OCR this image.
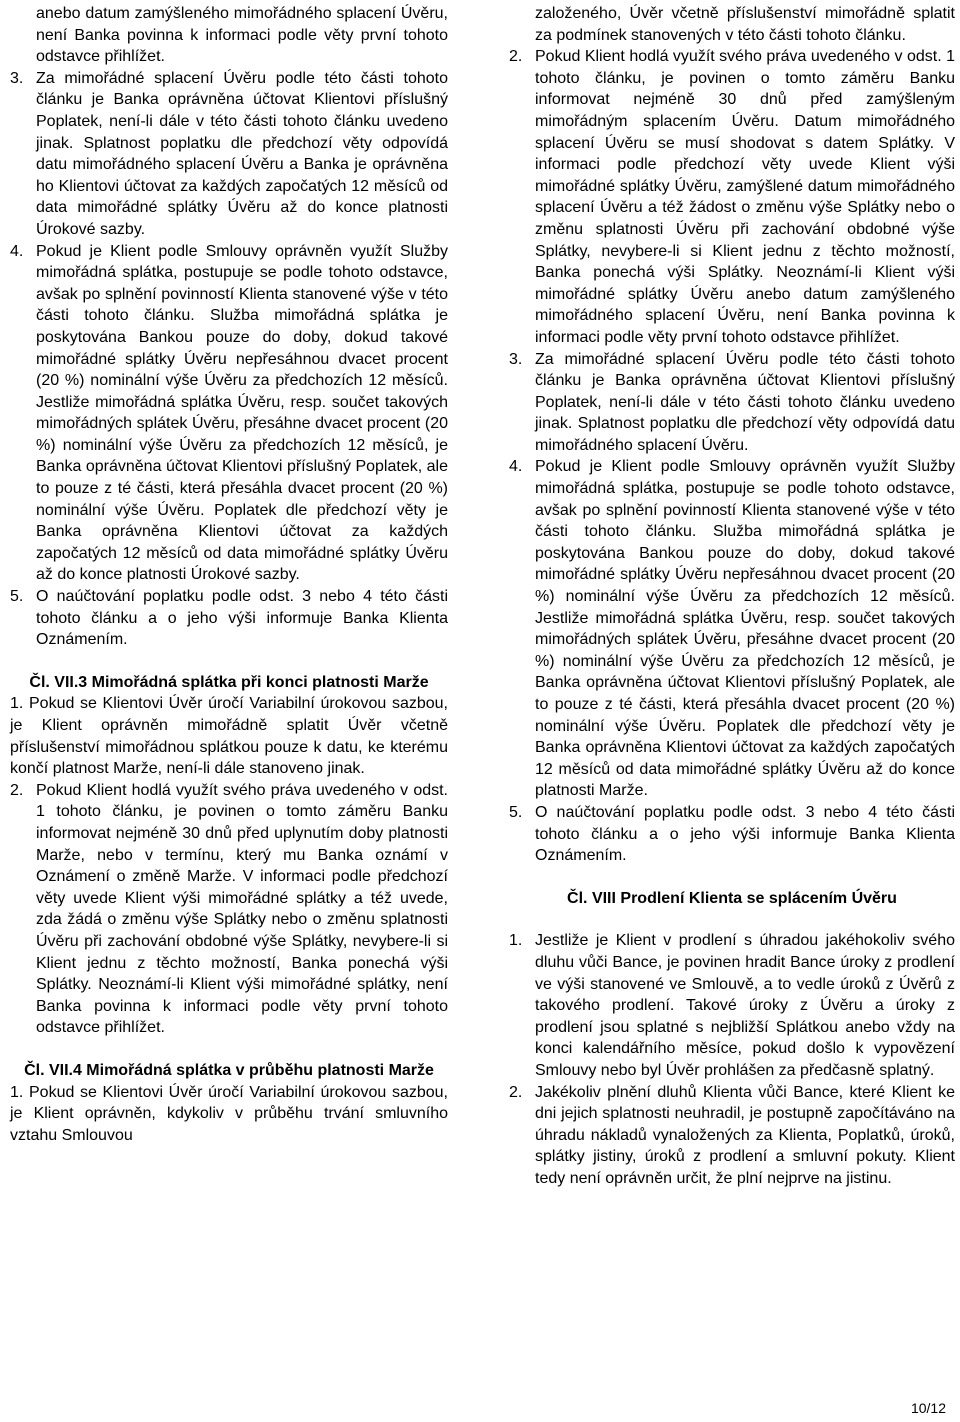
anebo datum zamýšleného mimořádného splacení Úvěru, není Banka povinna k informaci podle věty první tohoto odstavce přihlížet.
3. Za mimořádné splacení Úvěru podle této části tohoto článku je Banka oprávněna účtovat Klientovi příslušný Poplatek, není-li dále v této části tohoto článku uvedeno jinak. Splatnost poplatku dle předchozí věty odpovídá datu mimořádného splacení Úvěru a Banka je oprávněna ho Klientovi účtovat za každých započatých 12 měsíců od data mimořádné splátky Úvěru až do konce platnosti Úrokové sazby.
4. Pokud je Klient podle Smlouvy oprávněn využít Služby mimořádná splátka, postupuje se podle tohoto odstavce, avšak po splnění povinností Klienta stanovené výše v této části tohoto článku. Služba mimořádná splátka je poskytována Bankou pouze do doby, dokud takové mimořádné splátky Úvěru nepřesáhnou dvacet procent (20 %) nominální výše Úvěru za předchozích 12 měsíců. Jestliže mimořádná splátka Úvěru, resp. součet takových mimořádných splátek Úvěru, přesáhne dvacet procent (20 %) nominální výše Úvěru za předchozích 12 měsíců, je Banka oprávněna účtovat Klientovi příslušný Poplatek, ale to pouze z té části, která přesáhla dvacet procent (20 %) nominální výše Úvěru. Poplatek dle předchozí věty je Banka oprávněna Klientovi účtovat za každých započatých 12 měsíců od data mimořádné splátky Úvěru až do konce platnosti Úrokové sazby.
5. O naúčtování poplatku podle odst. 3 nebo 4 této části tohoto článku a o jeho výši informuje Banka Klienta Oznámením.
Čl. VII.3 Mimořádná splátka při konci platnosti Marže
1. Pokud se Klientovi Úvěr úročí Variabilní úrokovou sazbou, je Klient oprávněn mimořádně splatit Úvěr včetně příslušenství mimořádnou splátkou pouze k datu, ke kterému končí platnost Marže, není-li dále stanoveno jinak.
2. Pokud Klient hodlá využít svého práva uvedeného v odst. 1 tohoto článku, je povinen o tomto záměru Banku informovat nejméně 30 dnů před uplynutím doby platnosti Marže, nebo v termínu, který mu Banka oznámí v Oznámení o změně Marže. V informaci podle předchozí věty uvede Klient výši mimořádné splátky a též uvede, zda žádá o změnu výše Splátky nebo o změnu splatnosti Úvěru při zachování obdobné výše Splátky, nevybere-li si Klient jednu z těchto možností, Banka ponechá výši Splátky. Neoznámí-li Klient výši mimořádné splátky, není Banka povinna k informaci podle věty první tohoto odstavce přihlížet.
Čl. VII.4 Mimořádná splátka v průběhu platnosti Marže
1. Pokud se Klientovi Úvěr úročí Variabilní úrokovou sazbou, je Klient oprávněn, kdykoliv v průběhu trvání smluvního vztahu Smlouvou
založeného, Úvěr včetně příslušenství mimořádně splatit za podmínek stanovených v této části tohoto článku.
2. Pokud Klient hodlá využít svého práva uvedeného v odst. 1 tohoto článku, je povinen o tomto záměru Banku informovat nejméně 30 dnů před zamýšleným mimořádným splacením Úvěru. Datum mimořádného splacení Úvěru se musí shodovat s datem Splátky. V informaci podle předchozí věty uvede Klient výši mimořádné splátky Úvěru, zamýšlené datum mimořádného splacení Úvěru a též žádost o změnu výše Splátky nebo o změnu splatnosti Úvěru při zachování obdobné výše Splátky, nevybere-li si Klient jednu z těchto možností, Banka ponechá výši Splátky. Neoznámí-li Klient výši mimořádné splátky Úvěru anebo datum zamýšleného mimořádného splacení Úvěru, není Banka povinna k informaci podle věty první tohoto odstavce přihlížet.
3. Za mimořádné splacení Úvěru podle této části tohoto článku je Banka oprávněna účtovat Klientovi příslušný Poplatek, není-li dále v této části tohoto článku uvedeno jinak. Splatnost poplatku dle předchozí věty odpovídá datu mimořádného splacení Úvěru.
4. Pokud je Klient podle Smlouvy oprávněn využít Služby mimořádná splátka, postupuje se podle tohoto odstavce, avšak po splnění povinností Klienta stanovené výše v této části tohoto článku. Služba mimořádná splátka je poskytována Bankou pouze do doby, dokud takové mimořádné splátky Úvěru nepřesáhnou dvacet procent (20 %) nominální výše Úvěru za předchozích 12 měsíců. Jestliže mimořádná splátka Úvěru, resp. součet takových mimořádných splátek Úvěru, přesáhne dvacet procent (20 %) nominální výše Úvěru za předchozích 12 měsíců, je Banka oprávněna účtovat Klientovi příslušný Poplatek, ale to pouze z té části, která přesáhla dvacet procent (20 %) nominální výše Úvěru. Poplatek dle předchozí věty je Banka oprávněna Klientovi účtovat za každých započatých 12 měsíců od data mimořádné splátky Úvěru až do konce platnosti Marže.
5. O naúčtování poplatku podle odst. 3 nebo 4 této části tohoto článku a o jeho výši informuje Banka Klienta Oznámením.
Čl. VIII Prodlení Klienta se splácením Úvěru
1. Jestliže je Klient v prodlení s úhradou jakéhokoliv svého dluhu vůči Bance, je povinen hradit Bance úroky z prodlení ve výši stanovené ve Smlouvě, a to vedle úroků z Úvěrů z takového prodlení. Takové úroky z Úvěru a úroky z prodlení jsou splatné s nejbližší Splátkou anebo vždy na konci kalendářního měsíce, pokud došlo k vypovězení Smlouvy nebo byl Úvěr prohlášen za předčasně splatný.
2. Jakékoliv plnění dluhů Klienta vůči Bance, které Klient ke dni jejich splatnosti neuhradil, je postupně započítáváno na úhradu nákladů vynaložených za Klienta, Poplatků, úroků, splátky jistiny, úroků z prodlení a smluvní pokuty. Klient tedy není oprávněn určit, že plní nejprve na jistinu.
10/12
